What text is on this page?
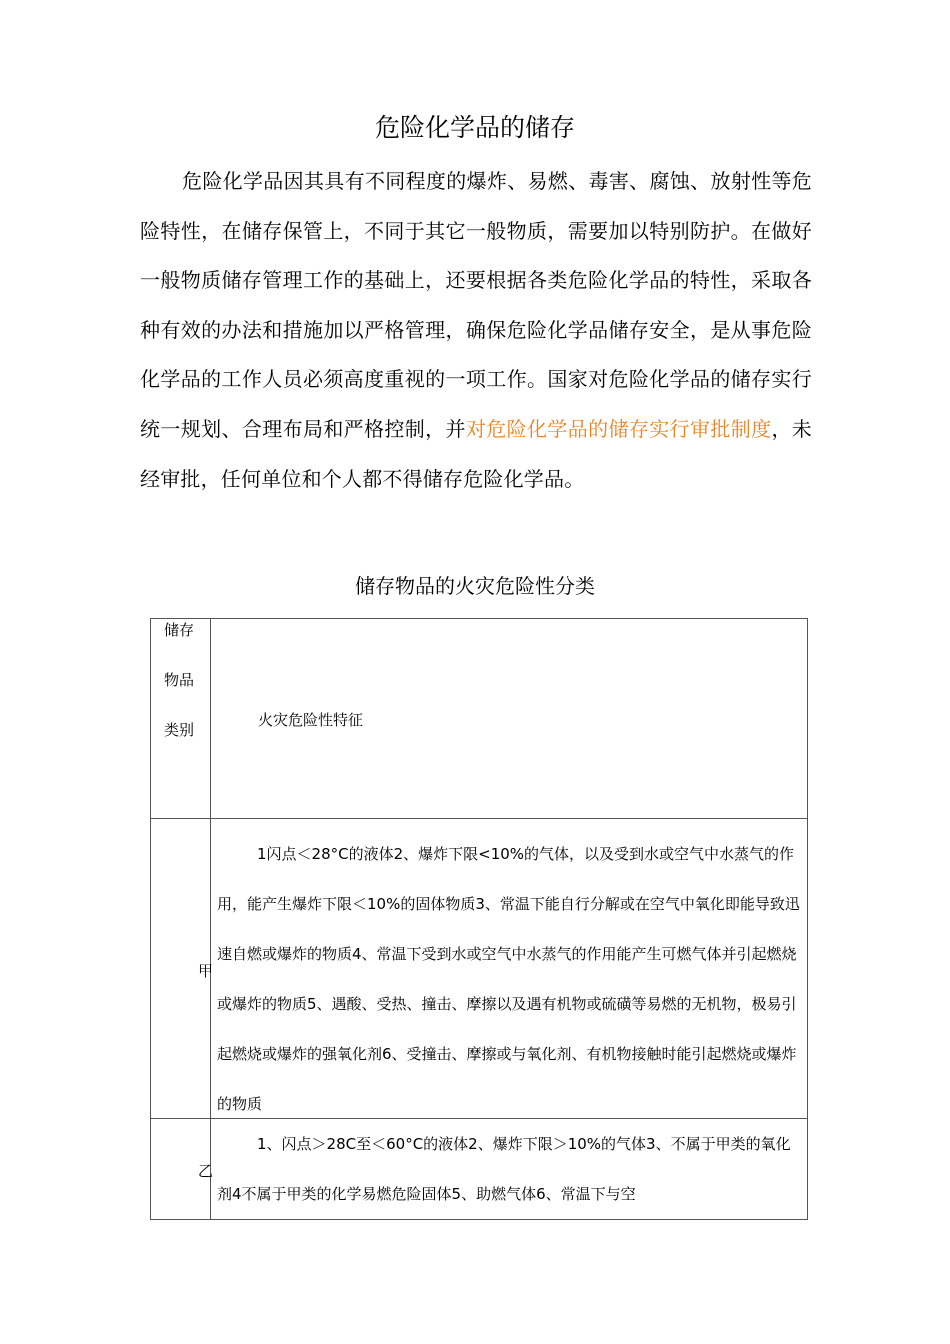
危险化学品的储存

危险化学品因其具有不同程度的爆炸、易燃、毒害、腐蚀、放射性等危险特性，在储存保管上，不同于其它一般物质，需要加以特别防护。在做好一般物质储存管理工作的基础上，还要根据各类危险化学品的特性，采取各种有效的办法和措施加以严格管理，确保危险化学品储存安全，是从事危险化学品的工作人员必须高度重视的一项工作。国家对危险化学品的储存实行统一规划、合理布局和严格控制，并对危险化学品的储存实行审批制度，未经审批，任何单位和个人都不得储存危险化学品。

储存物品的火灾危险性分类

储存物品类别

火灾危险性特征

甲

1闪点＜28°C的液体2、爆炸下限<10%的气体，以及受到水或空气中水蒸气的作用，能产生爆炸下限＜10%的固体物质3、常温下能自行分解或在空气中氧化即能导致迅速自燃或爆炸的物质4、常温下受到水或空气中水蒸气的作用能产生可燃气体并引起燃烧或爆炸的物质5、遇酸、受热、撞击、摩擦以及遇有机物或硫磺等易燃的无机物，极易引起燃烧或爆炸的强氧化剂6、受撞击、摩擦或与氧化剂、有机物接触时能引起燃烧或爆炸的物质

乙

1、闪点＞28C至＜60°C的液体2、爆炸下限＞10%的气体3、不属于甲类的氧化剂4不属于甲类的化学易燃危险固体5、助燃气体6、常温下与空
